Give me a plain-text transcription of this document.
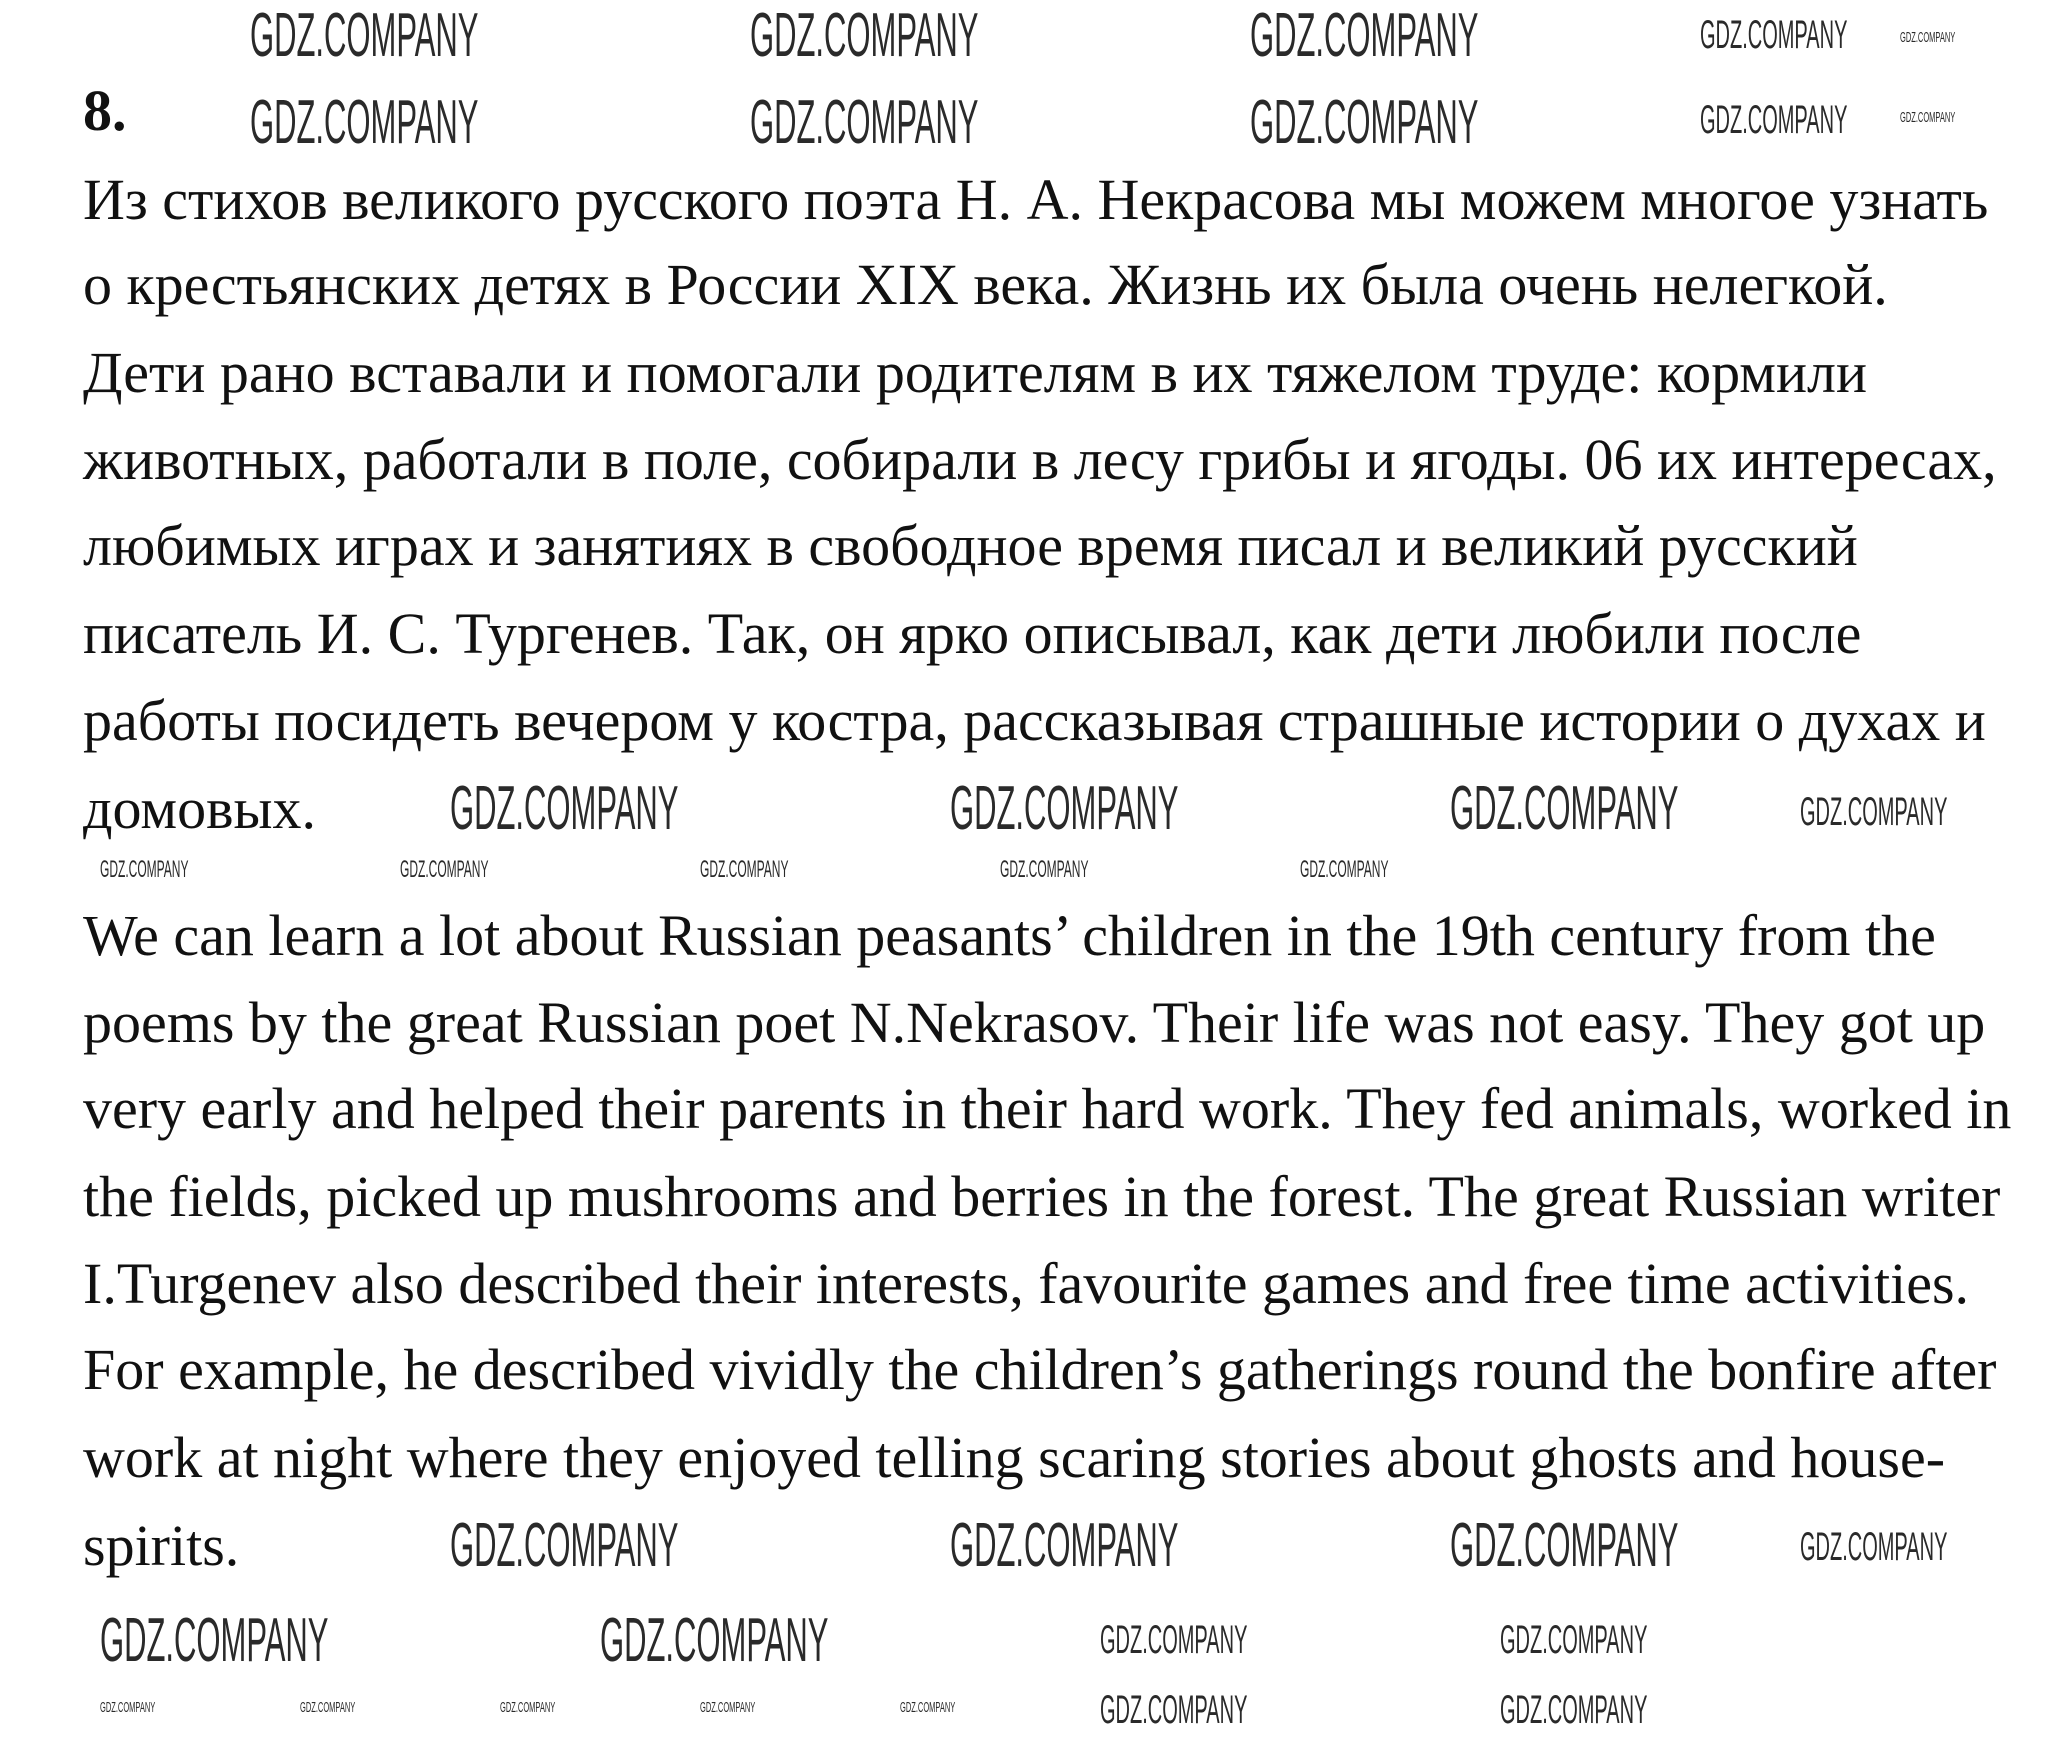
8.
Из стихов великого русского поэта Н. А. Некрасова мы можем многое узнать
о крестьянских детях в России XIX века. Жизнь их была очень нелегкой.
Дети рано вставали и помогали родителям в их тяжелом труде: кормили
животных, работали в поле, собирали в лесу грибы и ягоды. 06 их интересах,
любимых играх и занятиях в свободное время писал и великий русский
писатель И. С. Тургенев. Так, он ярко описывал, как дети любили после
работы посидеть вечером у костра, рассказывая страшные истории о духах и
домовых.
We can learn a lot about Russian peasants’ children in the 19th century from the
poems by the great Russian poet N.Nekrasov. Their life was not easy. They got up
very early and helped their parents in their hard work. They fed animals, worked in
the fields, picked up mushrooms and berries in the forest. The great Russian writer
I.Turgenev also described their interests, favourite games and free time activities.
For example, he described vividly the children’s gatherings round the bonfire after
work at night where they enjoyed telling scaring stories about ghosts and house-
spirits.
GDZ.COMPANY	GDZ.COMPANY	GDZ.COMPANY
GDZ.COMPANY	GDZ.COMPANY	GDZ.COMPANY
GDZ.COMPANY	GDZ.COMPANY	GDZ.COMPANY
GDZ.COMPANY	GDZ.COMPANY	GDZ.COMPANY
GDZ.COMPANY	GDZ.COMPANY
GDZ.COMPANY
GDZ.COMPANY
GDZ.COMPANY
GDZ.COMPANY
GDZ.COMPANY	GDZ.COMPANY
GDZ.COMPANY	GDZ.COMPANY
GDZ.COMPANY	GDZ.COMPANY	GDZ.COMPANY	GDZ.COMPANY	GDZ.COMPANY
GDZ.COMPANY	GDZ.COMPANY	GDZ.COMPANY	GDZ.COMPANY	GDZ.COMPANY
GDZ.COMPANY
GDZ.COMPANY
